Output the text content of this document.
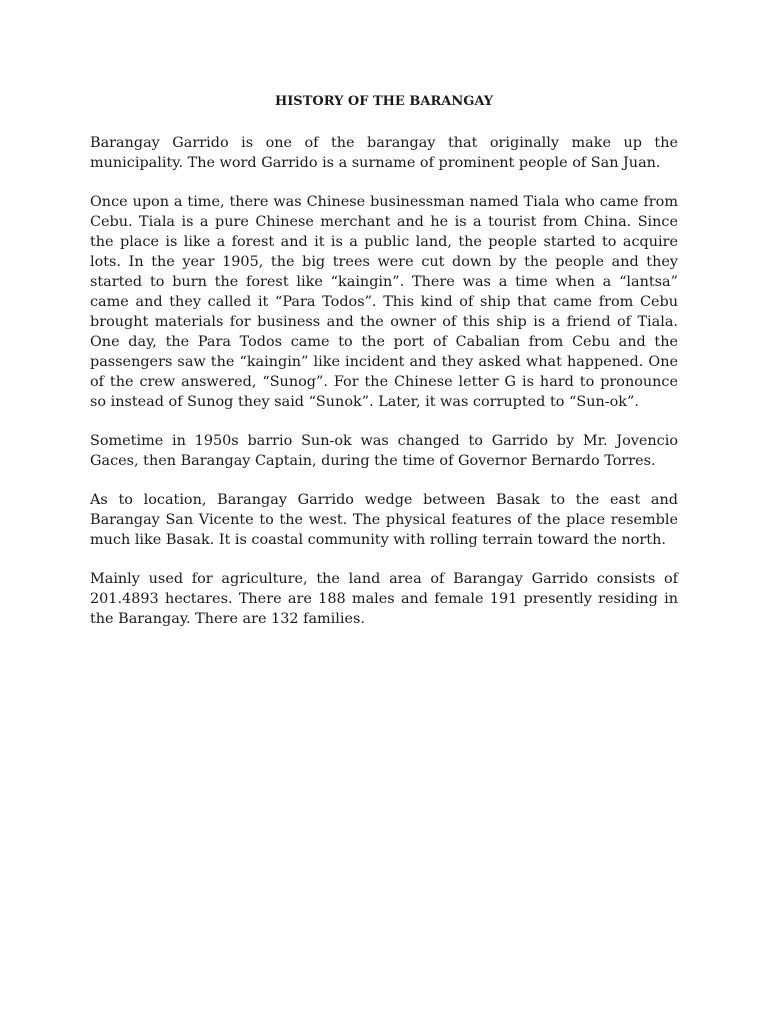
HISTORY OF THE BARANGAY

Barangay Garrido is one of the barangay that originally make up the municipality. The word Garrido is a surname of prominent people of San Juan.

Once upon a time, there was Chinese businessman named Tiala who came from Cebu. Tiala is a pure Chinese merchant and he is a tourist from China. Since the place is like a forest and it is a public land, the people started to acquire lots. In the year 1905, the big trees were cut down by the people and they started to burn the forest like “kaingin”. There was a time when a “lantsa” came and they called it “Para Todos”. This kind of ship that came from Cebu brought materials for business and the owner of this ship is a friend of Tiala. One day, the Para Todos came to the port of Cabalian from Cebu and the passengers saw the “kaingin” like incident and they asked what happened. One of the crew answered, “Sunog”. For the Chinese letter G is hard to pronounce so instead of Sunog they said “Sunok”. Later, it was corrupted to “Sun-ok”.

Sometime in 1950s barrio Sun-ok was changed to Garrido by Mr. Jovencio Gaces, then Barangay Captain, during the time of Governor Bernardo Torres.

As to location, Barangay Garrido wedge between Basak to the east and Barangay San Vicente to the west. The physical features of the place resemble much like Basak. It is coastal community with rolling terrain toward the north.

Mainly used for agriculture, the land area of Barangay Garrido consists of 201.4893 hectares. There are 188 males and female 191 presently residing in the Barangay. There are 132 families.
